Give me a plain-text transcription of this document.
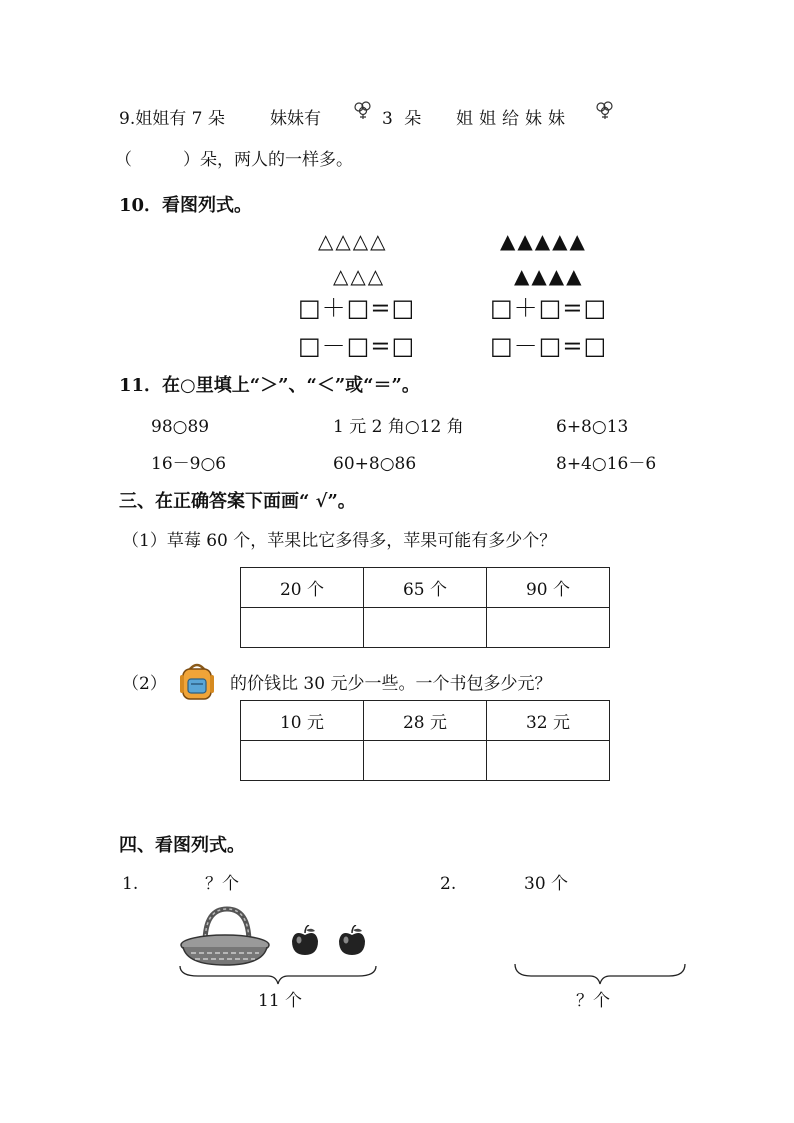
9.姐姐有 7 朵	妹妹有	3 朵 姐姐给妹妹
（　　　）朵，两人的一样多。
10．看图列式。
△△△△
△△△
▲▲▲▲▲
▲▲▲▲
□＋□=□	□＋□=□
□－□=□	□－□=□
11．在○里填上“＞”、“＜”或“＝”。
98○89	1 元 2 角○12 角	6+8○13
16－9○6	60+8○86	8+4○16－6
三、在正确答案下面画“ √”。
（1）草莓 60 个，苹果比它多得多，苹果可能有多少个？
20 个	65 个	90 个

（2）	的价钱比 30 元少一些。一个书包多少元？
10 元	28 元	32 元

四、看图列式。
1.	？个
11 个
2.	30 个
？个
